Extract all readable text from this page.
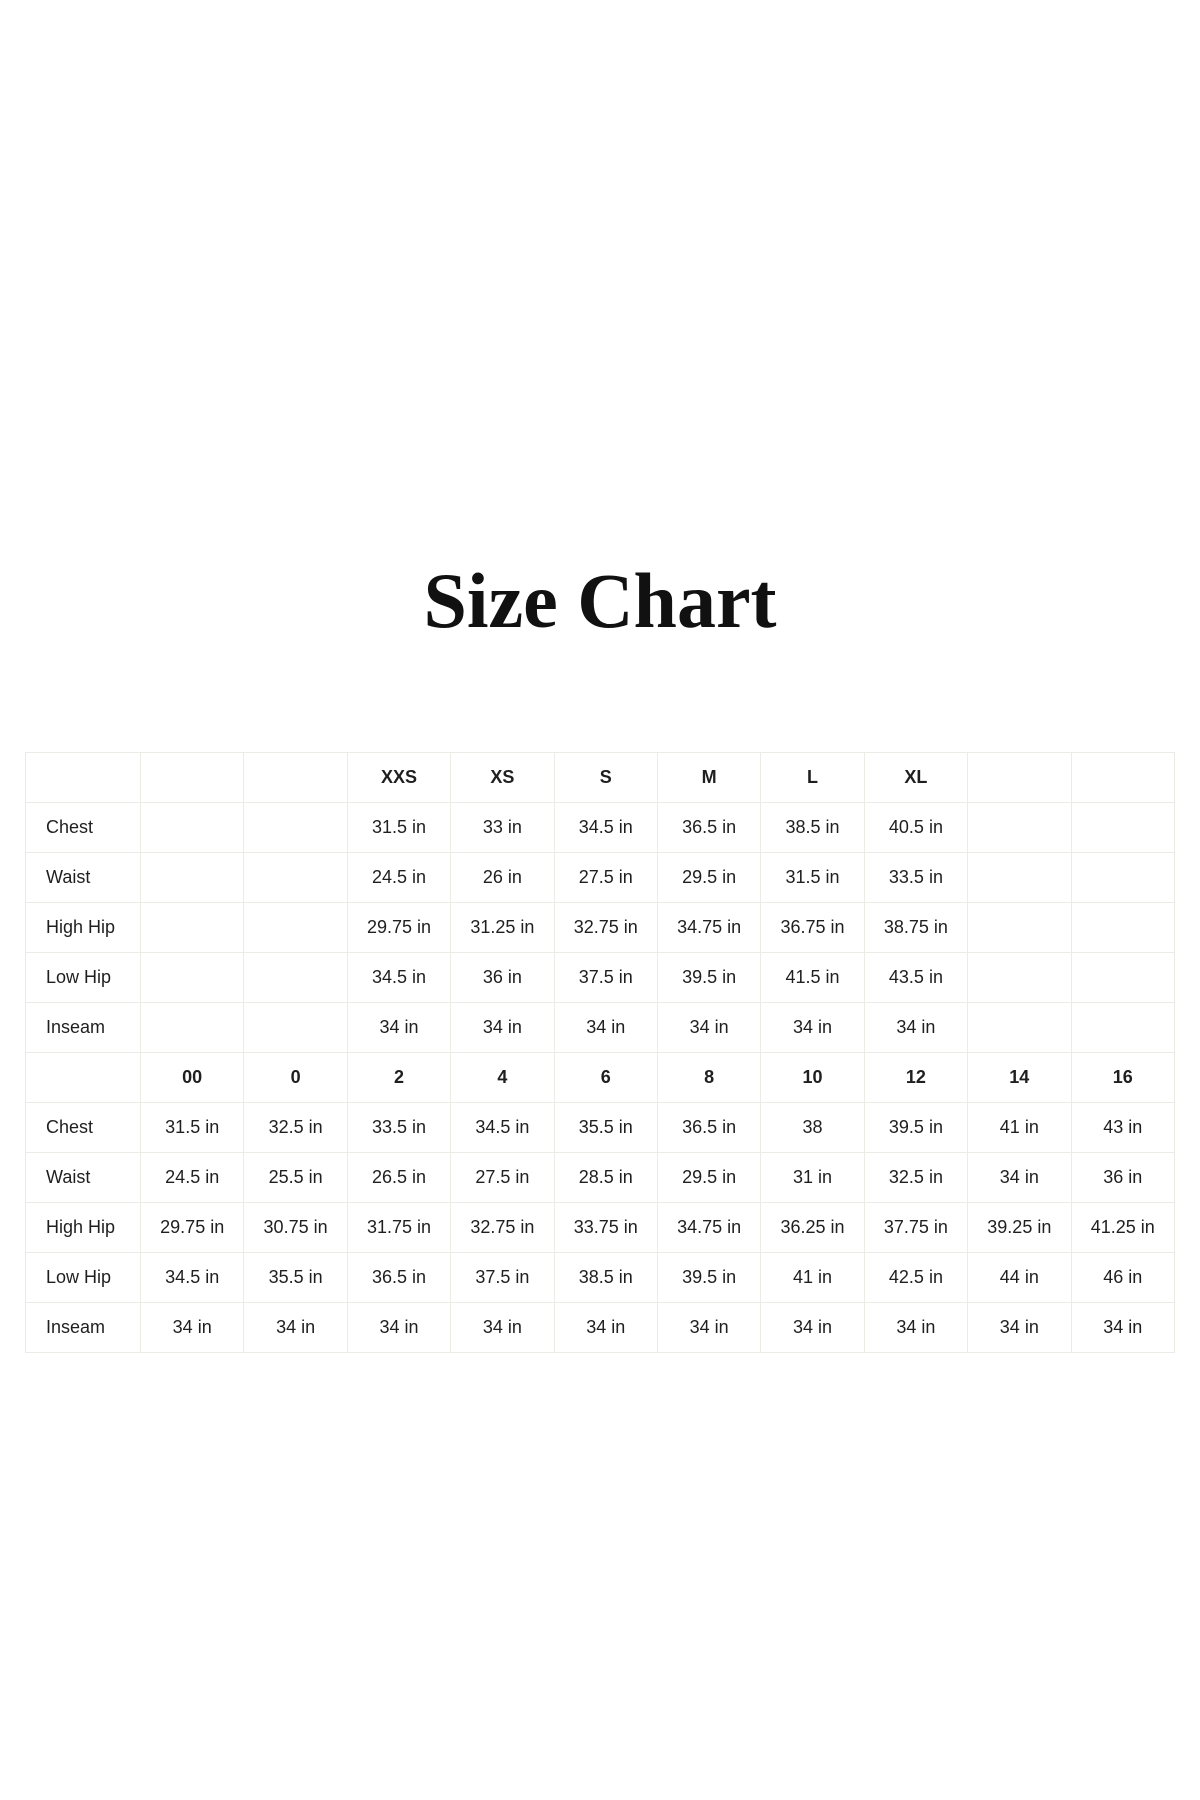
Size Chart
			XXS	XS	S	M	L	XL		
Chest			31.5 in	33 in	34.5 in	36.5 in	38.5 in	40.5 in		
Waist			24.5 in	26 in	27.5 in	29.5 in	31.5 in	33.5 in		
High Hip			29.75 in	31.25 in	32.75 in	34.75 in	36.75 in	38.75 in		
Low Hip			34.5 in	36 in	37.5 in	39.5 in	41.5 in	43.5 in		
Inseam			34 in	34 in	34 in	34 in	34 in	34 in		
	00	0	2	4	6	8	10	12	14	16
Chest	31.5 in	32.5 in	33.5 in	34.5 in	35.5 in	36.5 in	38	39.5 in	41 in	43 in
Waist	24.5 in	25.5 in	26.5 in	27.5 in	28.5 in	29.5 in	31 in	32.5 in	34 in	36 in
High Hip	29.75 in	30.75 in	31.75 in	32.75 in	33.75 in	34.75 in	36.25 in	37.75 in	39.25 in	41.25 in
Low Hip	34.5 in	35.5 in	36.5 in	37.5 in	38.5 in	39.5 in	41 in	42.5 in	44 in	46 in
Inseam	34 in	34 in	34 in	34 in	34 in	34 in	34 in	34 in	34 in	34 in
